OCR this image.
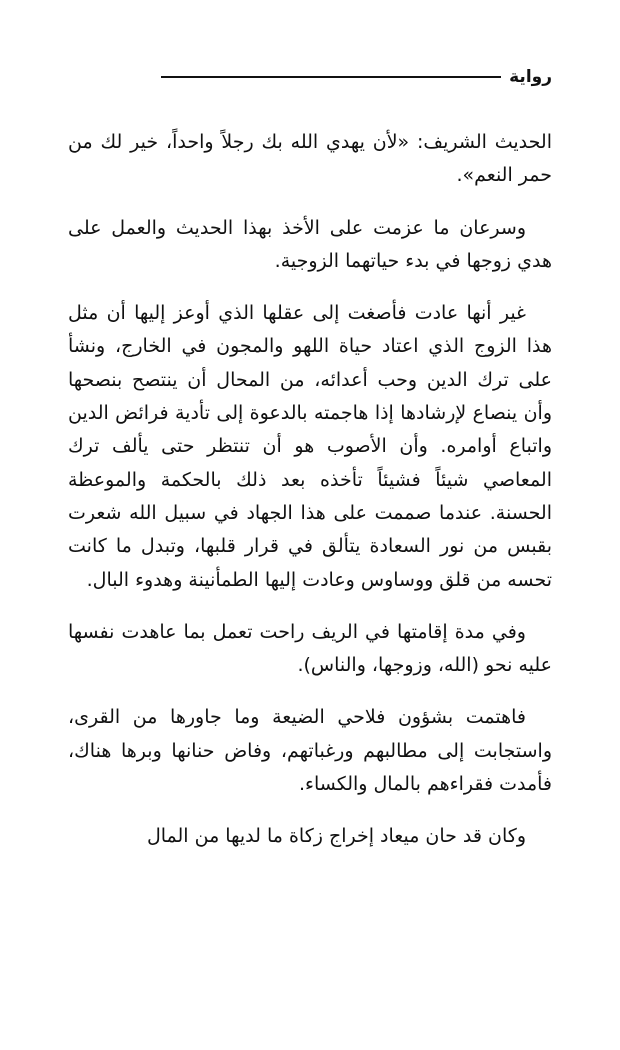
رواية

الحديث الشريف: «لأن يهدي الله بك رجلاً واحداً، خير لك من حمر النعم».

وسرعان ما عزمت على الأخذ بهذا الحديث والعمل على هدي زوجها في بدء حياتهما الزوجية.

غير أنها عادت فأصغت إلى عقلها الذي أوعز إليها أن مثل هذا الزوج الذي اعتاد حياة اللهو والمجون في الخارج، ونشأ على ترك الدين وحب أعدائه، من المحال أن ينتصح بنصحها وأن ينصاع لإرشادها إذا هاجمته بالدعوة إلى تأدية فرائض الدين واتباع أوامره. وأن الأصوب هو أن تنتظر حتى يألف ترك المعاصي شيئاً فشيئاً تأخذه بعد ذلك بالحكمة والموعظة الحسنة. عندما صممت على هذا الجهاد في سبيل الله شعرت بقبس من نور السعادة يتألق في قرار قلبها، وتبدل ما كانت تحسه من قلق ووساوس وعادت إليها الطمأنينة وهدوء البال.

وفي مدة إقامتها في الريف راحت تعمل بما عاهدت نفسها عليه نحو (الله، وزوجها، والناس).

فاهتمت بشؤون فلاحي الضيعة وما جاورها من القرى، واستجابت إلى مطالبهم ورغباتهم، وفاض حنانها وبرها هناك، فأمدت فقراءهم بالمال والكساء.

وكان قد حان ميعاد إخراج زكاة ما لديها من المال
